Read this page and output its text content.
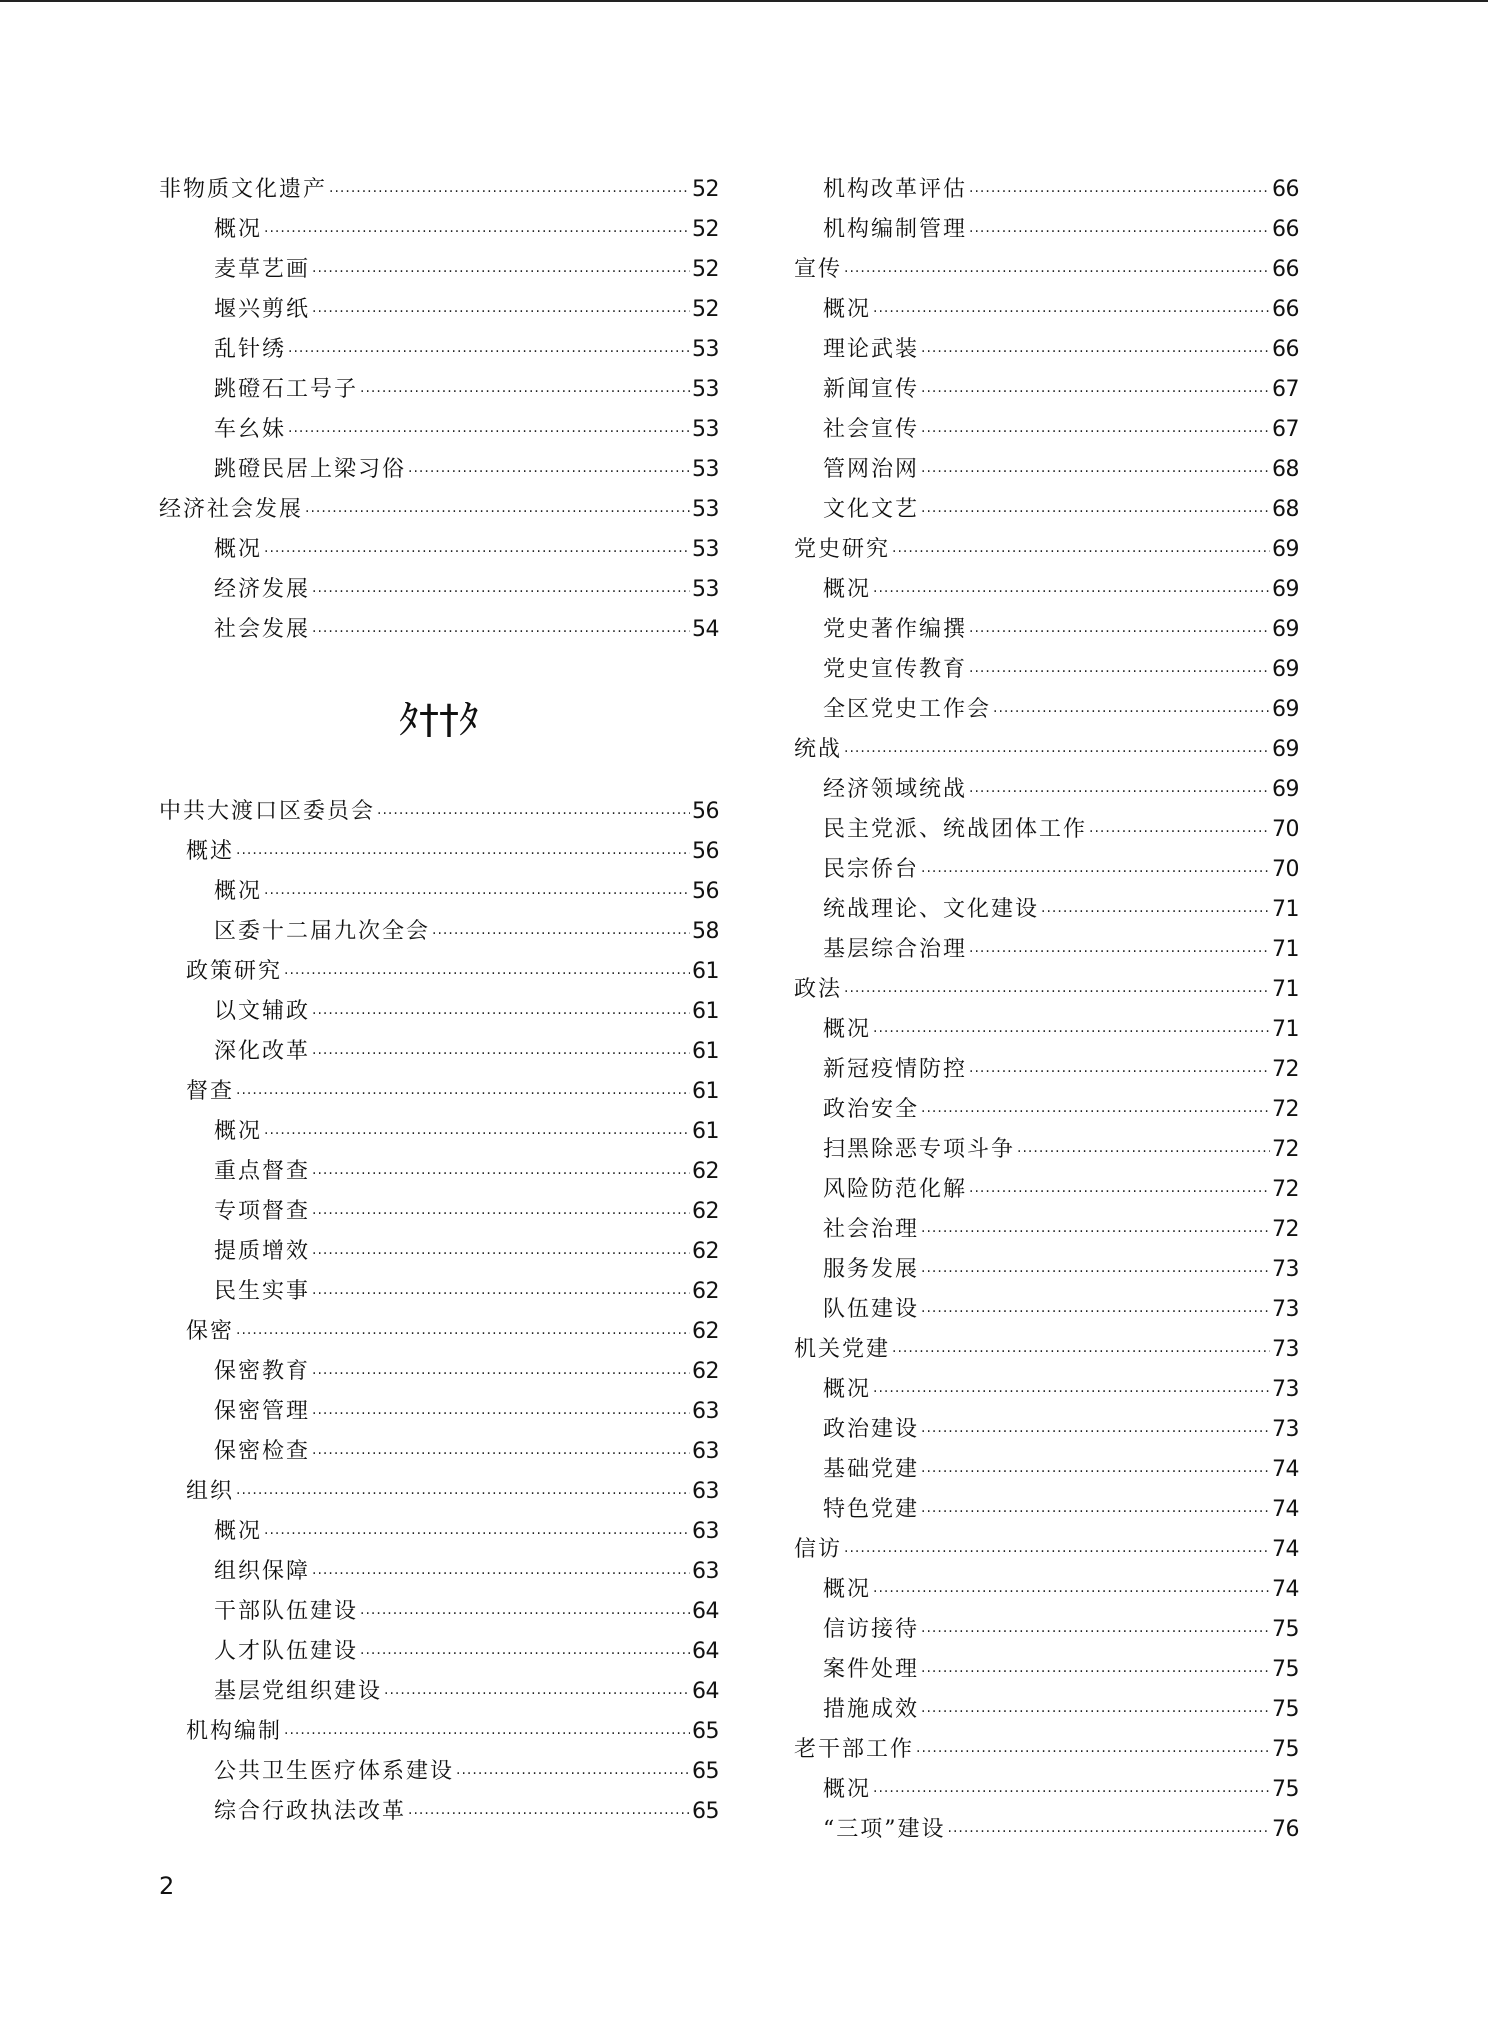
非物质文化遗产 .....	52
概况 .....	52
麦草艺画 .....	52
堰兴剪纸 .....	52
乱针绣 .....	53
跳磴石工号子 .....	53
车幺妹 .....	53
跳磴民居上梁习俗 .....	53
经济社会发展 .....	53
概况 .....	53
经济发展 .....	53
社会发展 .....	54
ﾀ††ﾀ
中共大渡口区委员会 .....	56
概述 .....	56
概况 .....	56
区委十二届九次全会 .....	58
政策研究 .....	61
以文辅政 .....	61
深化改革 .....	61
督查 .....	61
概况 .....	61
重点督查 .....	62
专项督查 .....	62
提质增效 .....	62
民生实事 .....	62
保密 .....	62
保密教育 .....	62
保密管理 .....	63
保密检查 .....	63
组织 .....	63
概况 .....	63
组织保障 .....	63
干部队伍建设 .....	64
人才队伍建设 .....	64
基层党组织建设 .....	64
机构编制 .....	65
公共卫生医疗体系建设 .....	65
综合行政执法改革 .....	65
机构改革评估 .....	66
机构编制管理 .....	66
宣传 .....	66
概况 .....	66
理论武装 .....	66
新闻宣传 .....	67
社会宣传 .....	67
管网治网 .....	68
文化文艺 .....	68
党史研究 .....	69
概况 .....	69
党史著作编撰 .....	69
党史宣传教育 .....	69
全区党史工作会 .....	69
统战 .....	69
经济领域统战 .....	69
民主党派、统战团体工作 .....	70
民宗侨台 .....	70
统战理论、文化建设 .....	71
基层综合治理 .....	71
政法 .....	71
概况 .....	71
新冠疫情防控 .....	72
政治安全 .....	72
扫黑除恶专项斗争 .....	72
风险防范化解 .....	72
社会治理 .....	72
服务发展 .....	73
队伍建设 .....	73
机关党建 .....	73
概况 .....	73
政治建设 .....	73
基础党建 .....	74
特色党建 .....	74
信访 .....	74
概况 .....	74
信访接待 .....	75
案件处理 .....	75
措施成效 .....	75
老干部工作 .....	75
概况 .....	75
“三项”建设 .....	76
2
